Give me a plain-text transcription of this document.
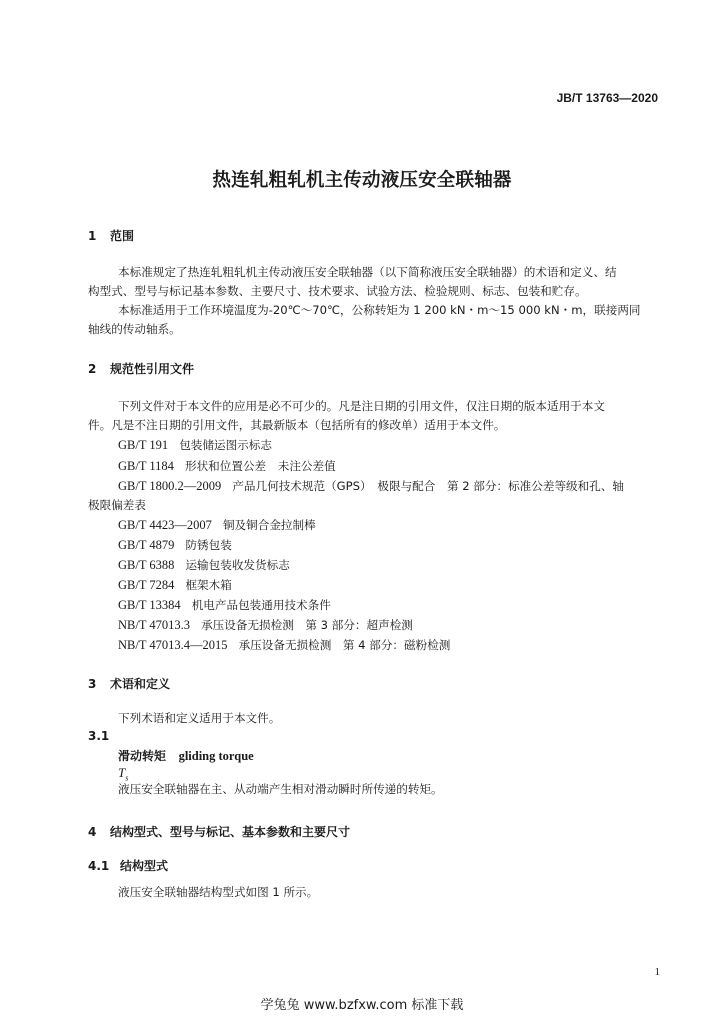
JB/T 13763—2020
热连轧粗轧机主传动液压安全联轴器
1 范围
本标准规定了热连轧粗轧机主传动液压安全联轴器（以下简称液压安全联轴器）的术语和定义、结
构型式、型号与标记基本参数、主要尺寸、技术要求、试验方法、检验规则、标志、包装和贮存。
本标准适用于工作环境温度为-20℃～70℃，公称转矩为 1 200 kN・m～15 000 kN・m，联接两同
轴线的传动轴系。
2 规范性引用文件
下列文件对于本文件的应用是必不可少的。凡是注日期的引用文件，仅注日期的版本适用于本文
件。凡是不注日期的引用文件，其最新版本（包括所有的修改单）适用于本文件。
GB/T 191 包装储运图示标志
GB/T 1184 形状和位置公差　未注公差值
GB/T 1800.2—2009 产品几何技术规范（GPS）　极限与配合　第 2 部分：标准公差等级和孔、轴
极限偏差表
GB/T 4423—2007 铜及铜合金拉制棒
GB/T 4879 防锈包装
GB/T 6388 运输包装收发货标志
GB/T 7284 框架木箱
GB/T 13384 机电产品包装通用技术条件
NB/T 47013.3 承压设备无损检测　第 3 部分：超声检测
NB/T 47013.4—2015 承压设备无损检测　第 4 部分：磁粉检测
3 术语和定义
下列术语和定义适用于本文件。
3.1
滑动转矩 gliding torque
$T_s$
液压安全联轴器在主、从动端产生相对滑动瞬时所传递的转矩。
4 结构型式、型号与标记、基本参数和主要尺寸
4.1 结构型式
液压安全联轴器结构型式如图 1 所示。
1
学兔兔 www.bzfxw.com 标准下载
